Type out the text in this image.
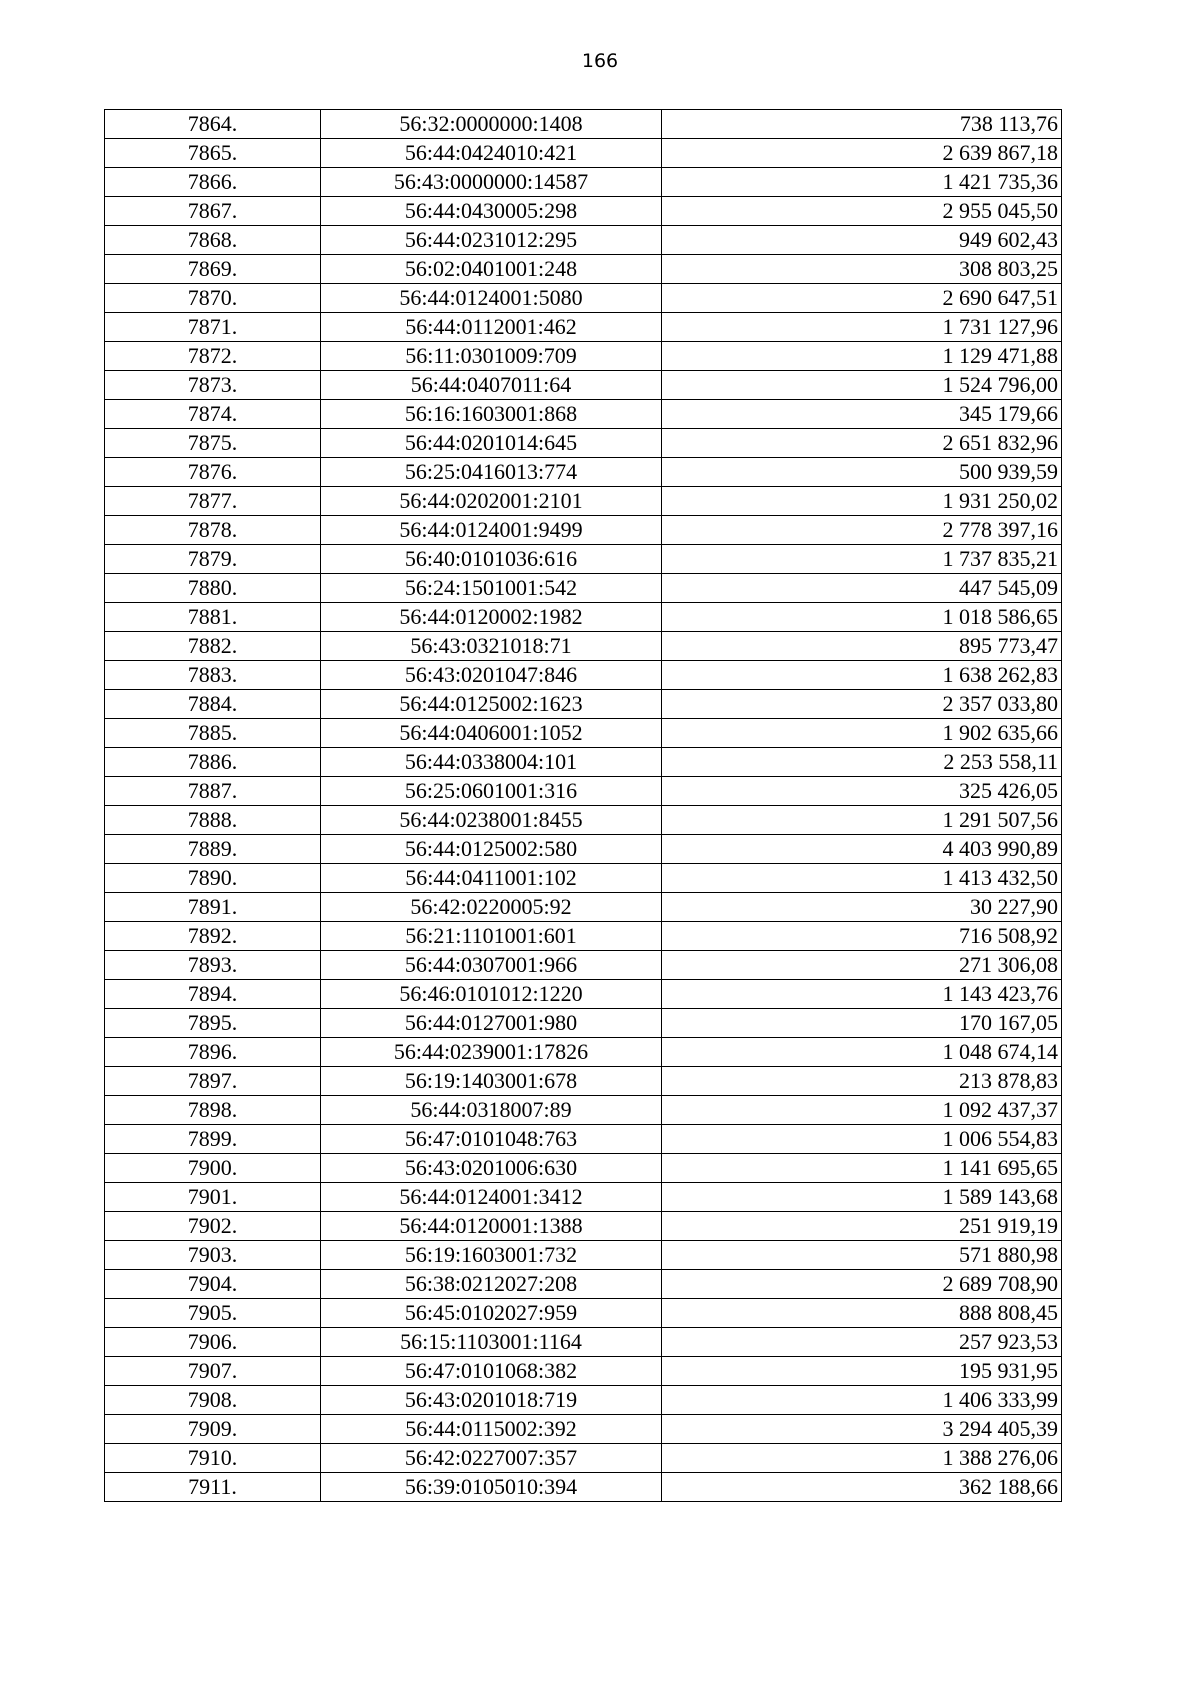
166
7864.	56:32:0000000:1408	738 113,76
7865.	56:44:0424010:421	2 639 867,18
7866.	56:43:0000000:14587	1 421 735,36
7867.	56:44:0430005:298	2 955 045,50
7868.	56:44:0231012:295	949 602,43
7869.	56:02:0401001:248	308 803,25
7870.	56:44:0124001:5080	2 690 647,51
7871.	56:44:0112001:462	1 731 127,96
7872.	56:11:0301009:709	1 129 471,88
7873.	56:44:0407011:64	1 524 796,00
7874.	56:16:1603001:868	345 179,66
7875.	56:44:0201014:645	2 651 832,96
7876.	56:25:0416013:774	500 939,59
7877.	56:44:0202001:2101	1 931 250,02
7878.	56:44:0124001:9499	2 778 397,16
7879.	56:40:0101036:616	1 737 835,21
7880.	56:24:1501001:542	447 545,09
7881.	56:44:0120002:1982	1 018 586,65
7882.	56:43:0321018:71	895 773,47
7883.	56:43:0201047:846	1 638 262,83
7884.	56:44:0125002:1623	2 357 033,80
7885.	56:44:0406001:1052	1 902 635,66
7886.	56:44:0338004:101	2 253 558,11
7887.	56:25:0601001:316	325 426,05
7888.	56:44:0238001:8455	1 291 507,56
7889.	56:44:0125002:580	4 403 990,89
7890.	56:44:0411001:102	1 413 432,50
7891.	56:42:0220005:92	30 227,90
7892.	56:21:1101001:601	716 508,92
7893.	56:44:0307001:966	271 306,08
7894.	56:46:0101012:1220	1 143 423,76
7895.	56:44:0127001:980	170 167,05
7896.	56:44:0239001:17826	1 048 674,14
7897.	56:19:1403001:678	213 878,83
7898.	56:44:0318007:89	1 092 437,37
7899.	56:47:0101048:763	1 006 554,83
7900.	56:43:0201006:630	1 141 695,65
7901.	56:44:0124001:3412	1 589 143,68
7902.	56:44:0120001:1388	251 919,19
7903.	56:19:1603001:732	571 880,98
7904.	56:38:0212027:208	2 689 708,90
7905.	56:45:0102027:959	888 808,45
7906.	56:15:1103001:1164	257 923,53
7907.	56:47:0101068:382	195 931,95
7908.	56:43:0201018:719	1 406 333,99
7909.	56:44:0115002:392	3 294 405,39
7910.	56:42:0227007:357	1 388 276,06
7911.	56:39:0105010:394	362 188,66
